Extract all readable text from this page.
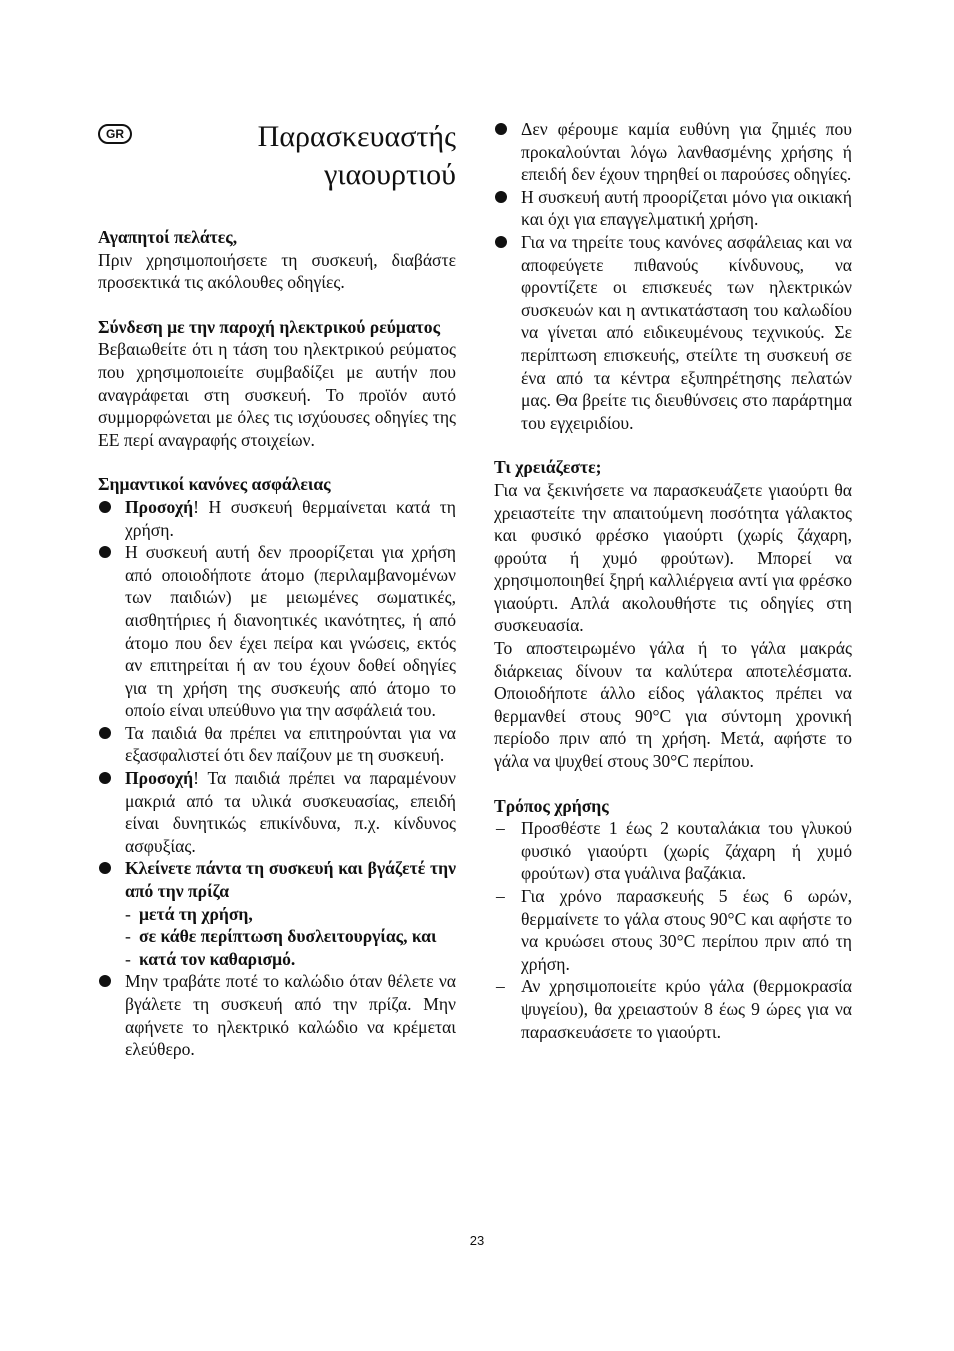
GR	Παρασκευαστής
γιαουρτιού
Αγαπητοί πελάτες,

Πριν χρησιμοποιήσετε τη συσκευή, διαβάστε προσεκτικά τις ακόλουθες οδηγίες.

Σύνδεση με την παροχή ηλεκτρικού ρεύματος

Βεβαιωθείτε ότι η τάση του ηλεκτρικού ρεύματος που χρησιμοποιείτε συμβαδίζει με αυτήν που αναγράφεται στη συσκευή. Το προϊόν αυτό συμμορφώνεται με όλες τις ισχύουσες οδηγίες της ΕΕ περί αναγραφής στοιχείων.

Σημαντικοί κανόνες ασφάλειας
Προσοχή! Η συσκευή θερμαίνεται κατά τη χρήση.
Η συσκευή αυτή δεν προορίζεται για χρήση από οποιοδήποτε άτομο (περιλαμβανομένων των παιδιών) με μειωμένες σωματικές, αισθητήριες ή διανοητικές ικανότητες, ή από άτομο που δεν έχει πείρα και γνώσεις, εκτός αν επιτηρείται ή αν του έχουν δοθεί οδηγίες για τη χρήση της συσκευής από άτομο το οποίο είναι υπεύθυνο για την ασφάλειά του.
Τα παιδιά θα πρέπει να επιτηρούνται για να εξασφαλιστεί ότι δεν παίζουν με τη συσκευή.
Προσοχή! Τα παιδιά πρέπει να παραμένουν μακριά από τα υλικά συσκευασίας, επειδή είναι δυνητικώς επικίνδυνα, π.χ. κίνδυνος ασφυξίας.
Κλείνετε πάντα τη συσκευή και βγάζετέ την από την πρίζα
- μετά τη χρήση,
- σε κάθε περίπτωση δυσλειτουργίας, και
- κατά τον καθαρισμό.
Μην τραβάτε ποτέ το καλώδιο όταν θέλετε να βγάλετε τη συσκευή από την πρίζα. Μην αφήνετε το ηλεκτρικό καλώδιο να κρέμεται ελεύθερο.
Δεν φέρουμε καμία ευθύνη για ζημιές που προκαλούνται λόγω λανθασμένης χρήσης ή επειδή δεν έχουν τηρηθεί οι παρούσες οδηγίες.
Η συσκευή αυτή προορίζεται μόνο για οικιακή και όχι για επαγγελματική χρήση.
Για να τηρείτε τους κανόνες ασφάλειας και να αποφεύγετε πιθανούς κίνδυνους, να φροντίζετε οι επισκευές των ηλεκτρικών συσκευών και η αντικατάσταση του καλωδίου να γίνεται από ειδικευμένους τεχνικούς. Σε περίπτωση επισκευής, στείλτε τη συσκευή σε ένα από τα κέντρα εξυπηρέτησης πελατών μας. Θα βρείτε τις διευθύνσεις στο παράρτημα του εγχειριδίου.
Τι χρειάζεστε;

Για να ξεκινήσετε να παρασκευάζετε γιαούρτι θα χρειαστείτε την απαιτούμενη ποσότητα γάλακτος και φυσικό φρέσκο γιαούρτι (χωρίς ζάχαρη, φρούτα ή χυμό φρούτων). Μπορεί να χρησιμοποιηθεί ξηρή καλλιέργεια αντί για φρέσκο γιαούρτι. Απλά ακολουθήστε τις οδηγίες στη συσκευασία.

Το αποστειρωμένο γάλα ή το γάλα μακράς διάρκειας δίνουν τα καλύτερα αποτελέσματα. Οποιοδήποτε άλλο είδος γάλακτος πρέπει να θερμανθεί στους 90°C για σύντομη χρονική περίοδο πριν από τη χρήση. Μετά, αφήστε το γάλα να ψυχθεί στους 30°C περίπου.

Τρόπος χρήσης
– Προσθέστε 1 έως 2 κουταλάκια του γλυκού φυσικό γιαούρτι (χωρίς ζάχαρη ή χυμό φρούτων) στα γυάλινα βαζάκια.
– Για χρόνο παρασκευής 5 έως 6 ωρών, θερμαίνετε το γάλα στους 90°C και αφήστε το να κρυώσει στους 30°C περίπου πριν από τη χρήση.
– Αν χρησιμοποιείτε κρύο γάλα (θερμοκρασία ψυγείου), θα χρειαστούν 8 έως 9 ώρες για να παρασκευάσετε το γιαούρτι.
23
